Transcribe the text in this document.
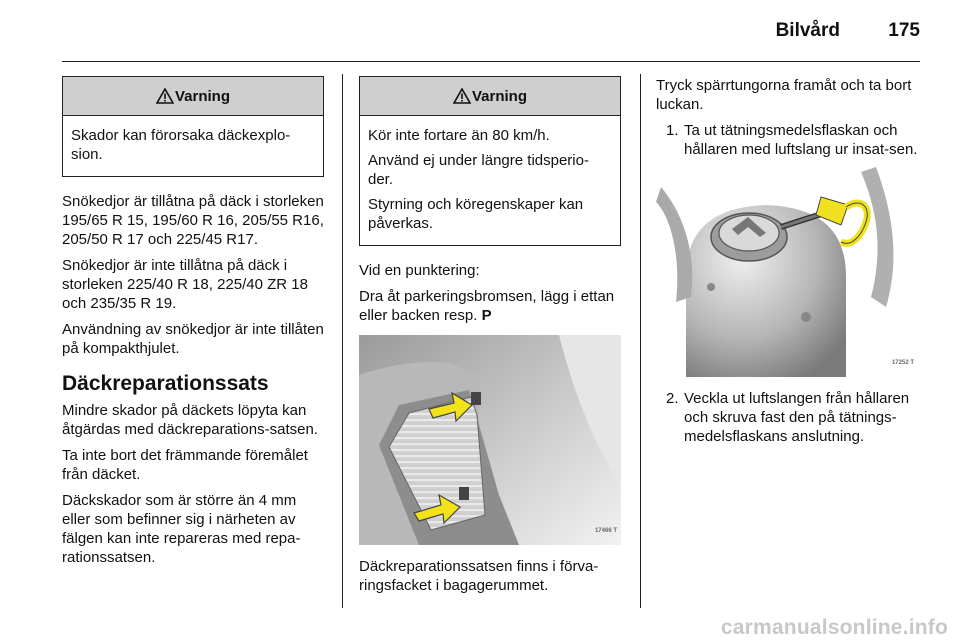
Bilvård	175
Varning

Skador kan förorsaka däckexplo-sion.

Snökedjor är tillåtna på däck i storleken 195/65 R 15, 195/60 R 16, 205/55 R16, 205/50 R 17 och 225/45 R17.

Snökedjor är inte tillåtna på däck i storleken 225/40 R 18, 225/40 ZR 18 och 235/35 R 19.

Användning av snökedjor är inte tillåten på kompakthjulet.

Däckreparationssats

Mindre skador på däckets löpyta kan åtgärdas med däckreparations-satsen.

Ta inte bort det främmande föremålet från däcket.

Däckskador som är större än 4 mm eller som befinner sig i närheten av fälgen kan inte repareras med repa-rationssatsen.

Varning

Kör inte fortare än 80 km/h.

Använd ej under längre tidsperio-der.

Styrning och köregenskaper kan påverkas.

Vid en punktering:

Dra åt parkeringsbromsen, lägg i ettan eller backen resp. P

17466 T

Däckreparationssatsen finns i förva-ringsfacket i bagagerummet.

Tryck spärrtungorna framåt och ta bort luckan.

1. Ta ut tätningsmedelsflaskan och hållaren med luftslang ur insat-sen.
17252 T
2. Veckla ut luftslangen från hållaren och skruva fast den på tätnings-medelsflaskans anslutning.
carmanualsonline.info
